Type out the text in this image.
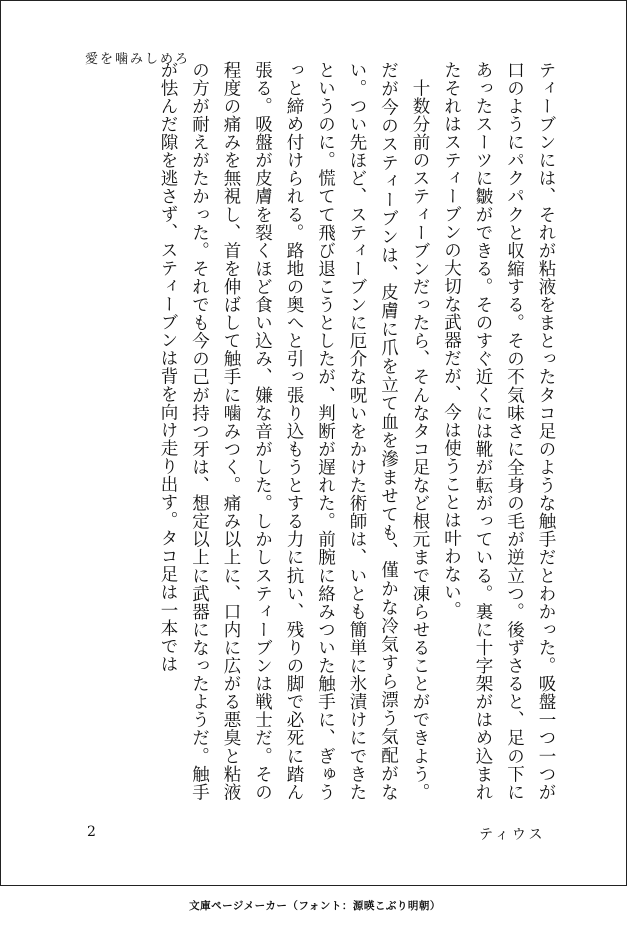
愛を噛みしめろ

ティーブンには、それが粘液をまとったタコ足のような触手だとわかった。吸盤一つ一つが口のようにパクパクと収縮する。その不気味さに全身の毛が逆立つ。後ずさると、足の下にあったスーツに皺ができる。そのすぐ近くには靴が転がっている。裏に十字架がはめ込まれたそれはスティーブンの大切な武器だが、今は使うことは叶わない。

　十数分前のスティーブンだったら、そんなタコ足など根元まで凍らせることができよう。だが今のスティーブンは、皮膚に爪を立て血を滲ませても、僅かな冷気すら漂う気配がない。つい先ほど、スティーブンに厄介な呪いをかけた術師は、いとも簡単に氷漬けにできたというのに。慌てて飛び退こうとしたが、判断が遅れた。前腕に絡みついた触手に、ぎゅうっと締め付けられる。路地の奥へと引っ張り込もうとする力に抗い、残りの脚で必死に踏ん張る。吸盤が皮膚を裂くほど食い込み、嫌な音がした。しかしスティーブンは戦士だ。その程度の痛みを無視し、首を伸ばして触手に噛みつく。痛み以上に、口内に広がる悪臭と粘液の方が耐えがたかった。それでも今の己が持つ牙は、想定以上に武器になったようだ。触手が怯んだ隙を逃さず、スティーブンは背を向け走り出す。タコ足は一本では

2	ティウス
文庫ページメーカー（フォント：源暎こぶり明朝）
